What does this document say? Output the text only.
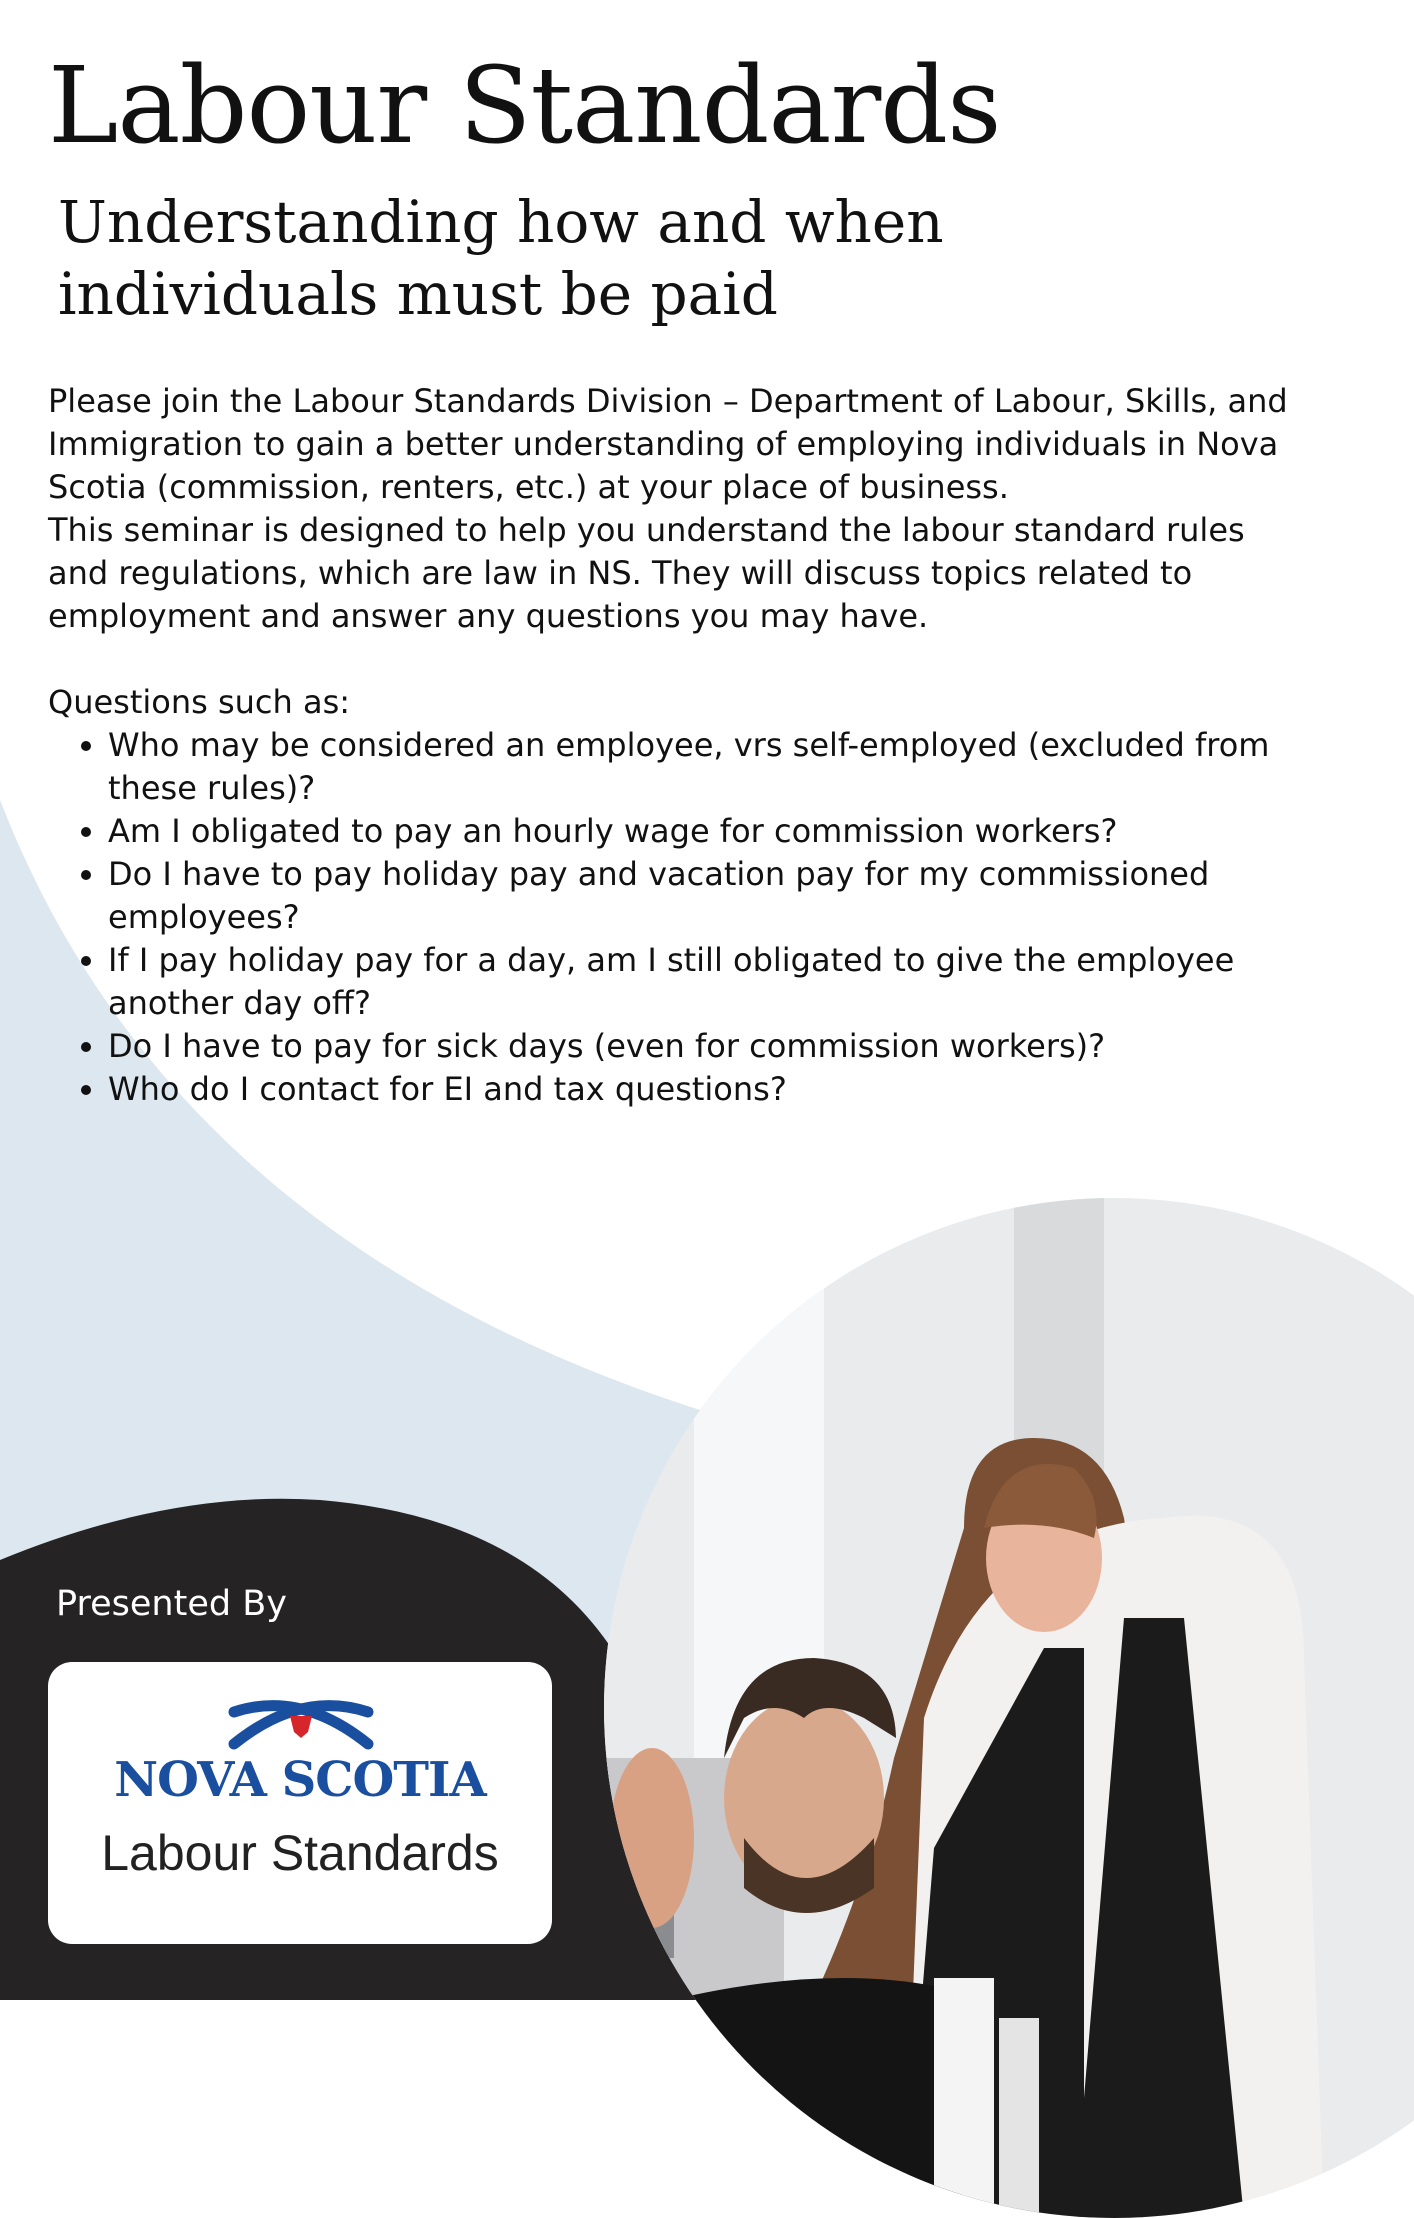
Labour Standards
Understanding how and when
individuals must be paid

Please join the Labour Standards Division – Department of Labour, Skills, and Immigration to gain a better understanding of employing individuals in Nova Scotia (commission, renters, etc.) at your place of business.

This seminar is designed to help you understand the labour standard rules and regulations, which are law in NS. They will discuss topics related to employment and answer any questions you may have.

Questions such as:

• Who may be considered an employee, vrs self-employed (excluded from these rules)?
• Am I obligated to pay an hourly wage for commission workers?
• Do I have to pay holiday pay and vacation pay for my commissioned employees?
• If I pay holiday pay for a day, am I still obligated to give the employee another day off?
• Do I have to pay for sick days (even for commission workers)?
• Who do I contact for EI and tax questions?
Presented By
NOVA SCOTIA
Labour Standards
